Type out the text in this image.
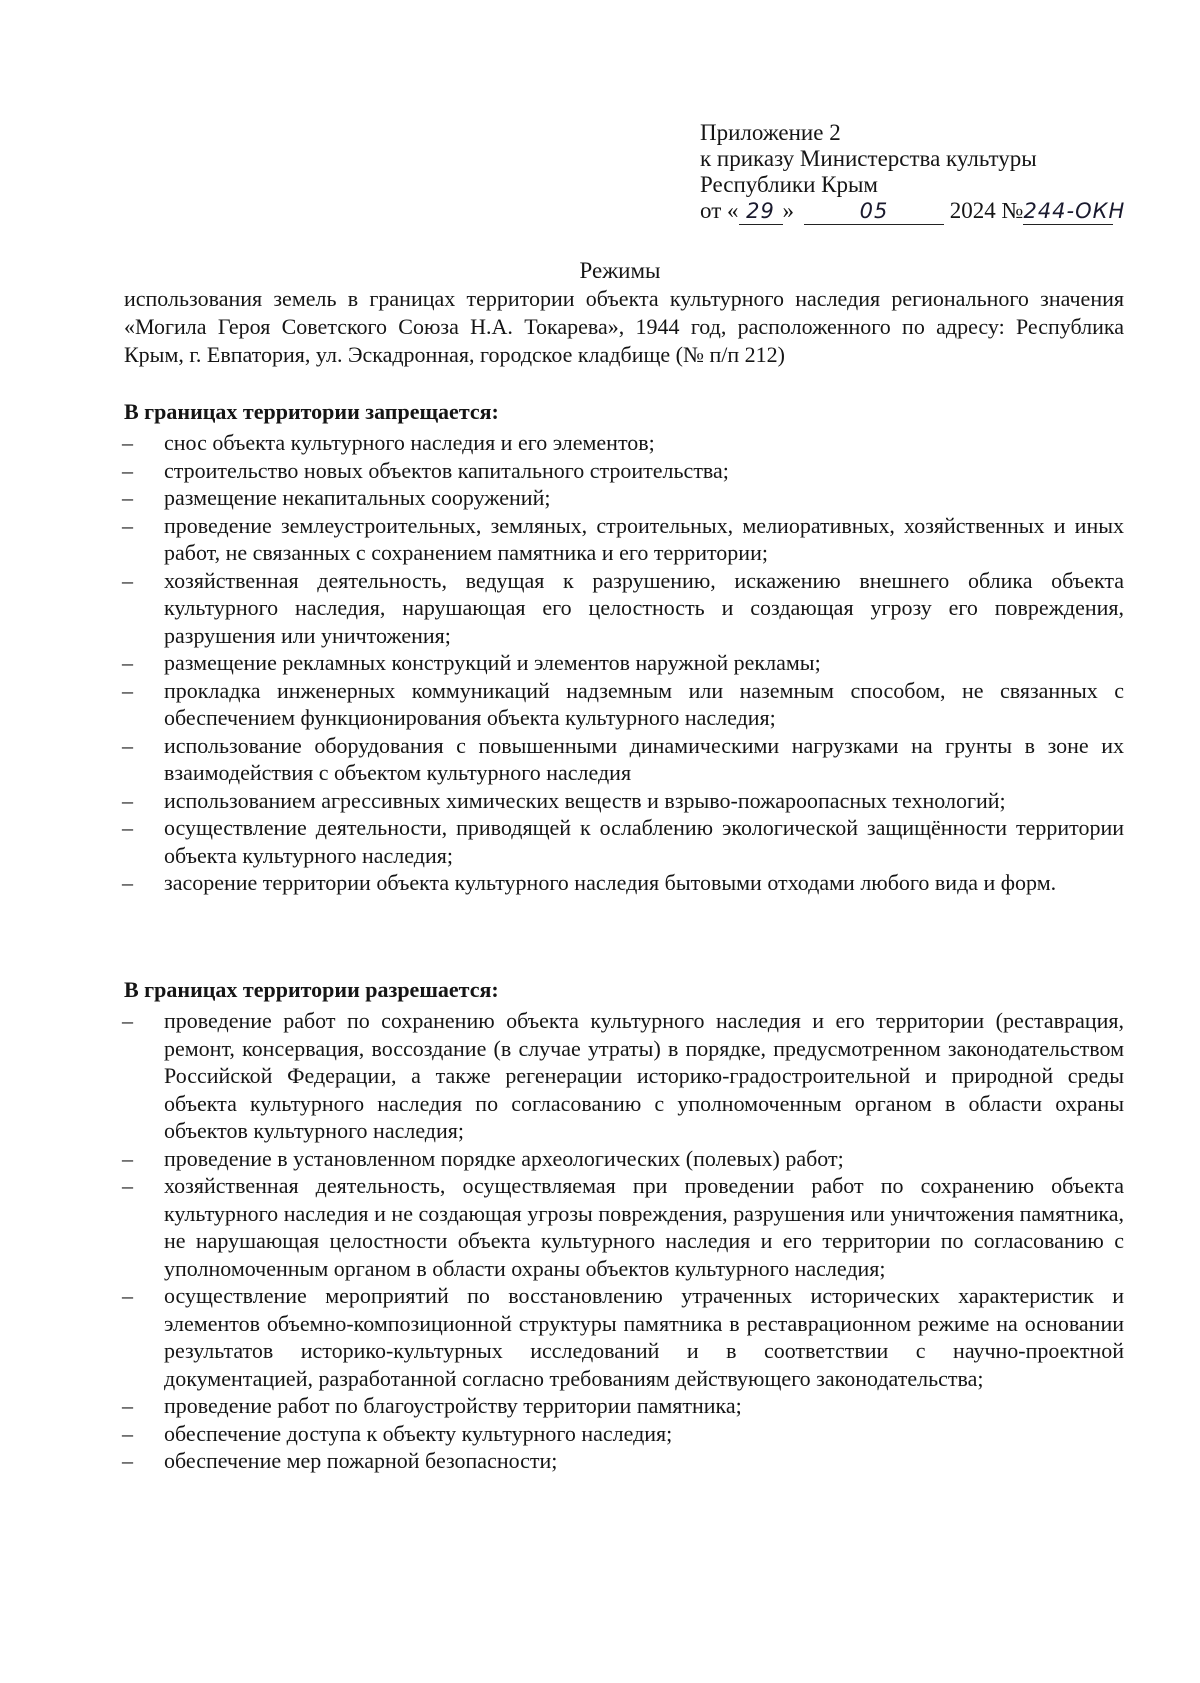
Приложение 2
к приказу Министерства культуры
Республики Крым
от « 29 »	05	2024 №244-ОКН
Режимы
использования земель в границах территории объекта культурного наследия регионального значения «Могила Героя Советского Союза Н.А. Токарева», 1944 год, расположенного по адресу: Республика Крым, г. Евпатория, ул. Эскадронная, городское кладбище (№ п/п 212)
В границах территории запрещается:
– снос объекта культурного наследия и его элементов;
– строительство новых объектов капитального строительства;
– размещение некапитальных сооружений;
– проведение землеустроительных, земляных, строительных, мелиоративных, хозяйственных и иных работ, не связанных с сохранением памятника и его территории;
– хозяйственная деятельность, ведущая к разрушению, искажению внешнего облика объекта культурного наследия, нарушающая его целостность и создающая угрозу его повреждения, разрушения или уничтожения;
– размещение рекламных конструкций и элементов наружной рекламы;
– прокладка инженерных коммуникаций надземным или наземным способом, не связанных с обеспечением функционирования объекта культурного наследия;
– использование оборудования с повышенными динамическими нагрузками на грунты в зоне их взаимодействия с объектом культурного наследия
– использованием агрессивных химических веществ и взрыво-пожароопасных технологий;
– осуществление деятельности, приводящей к ослаблению экологической защищённости территории объекта культурного наследия;
– засорение территории объекта культурного наследия бытовыми отходами любого вида и форм.
В границах территории разрешается:
– проведение работ по сохранению объекта культурного наследия и его территории (реставрация, ремонт, консервация, воссоздание (в случае утраты) в порядке, предусмотренном законодательством Российской Федерации, а также регенерации историко-градостроительной и природной среды объекта культурного наследия по согласованию с уполномоченным органом в области охраны объектов культурного наследия;
– проведение в установленном порядке археологических (полевых) работ;
– хозяйственная деятельность, осуществляемая при проведении работ по сохранению объекта культурного наследия и не создающая угрозы повреждения, разрушения или уничтожения памятника, не нарушающая целостности объекта культурного наследия и его территории по согласованию с уполномоченным органом в области охраны объектов культурного наследия;
– осуществление мероприятий по восстановлению утраченных исторических характеристик и элементов объемно-композиционной структуры памятника в реставрационном режиме на основании результатов историко-культурных исследований и в соответствии с научно-проектной документацией, разработанной согласно требованиям действующего законодательства;
– проведение работ по благоустройству территории памятника;
– обеспечение доступа к объекту культурного наследия;
– обеспечение мер пожарной безопасности;
